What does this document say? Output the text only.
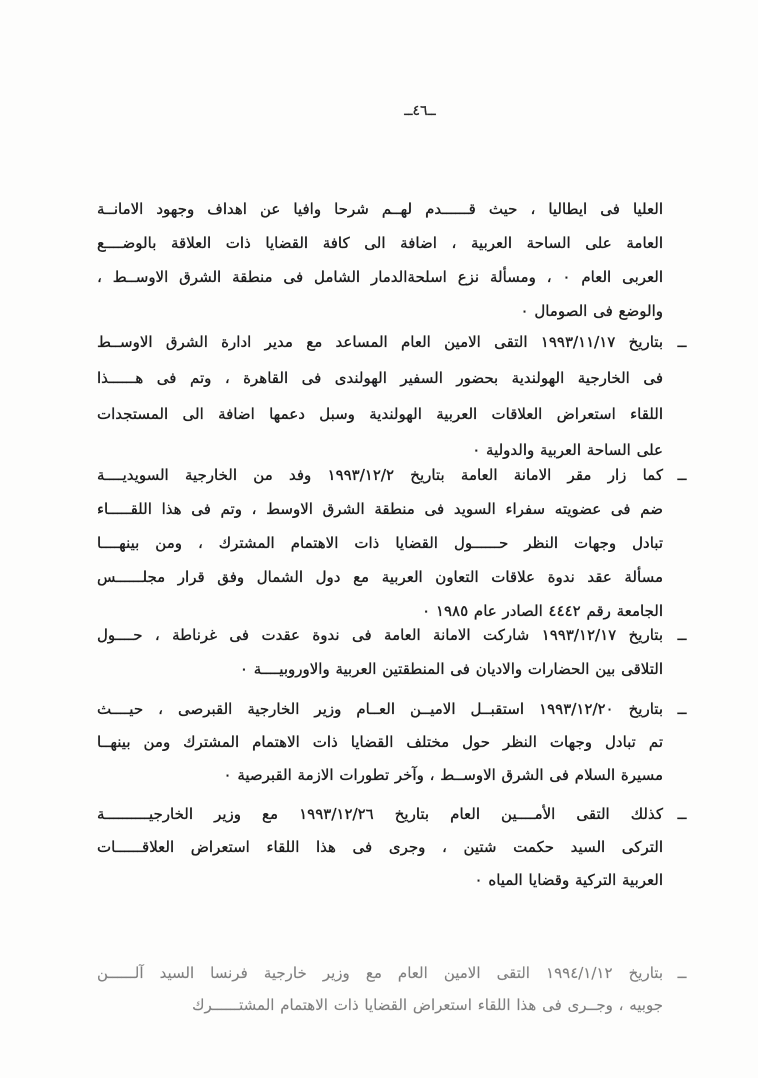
ــ٤٦ــ
العليا فى ايطاليا ، حيث قــــــدم لهــم شرحا وافيا عن اهداف وجهود الامانــة
العامة على الساحة العربية ، اضافة الى كافة القضايا ذات العلاقة بالوضــــع
العربى العام ٠ ، ومسألة نزع اسلحةالدمار الشامل فى منطقة الشرق الاوســط ،
والوضع فى الصومال ٠
ــ
بتاريخ ١٩٩٣/١١/١٧ التقى الامين العام المساعد مع مدير ادارة الشرق الاوســط
فى الخارجية الهولندية بحضور السفير الهولندى فى القاهرة ، وتم فى هــــــذا
اللقاء استعراض العلاقات العربية الهولندية وسبل دعمها اضافة الى المستجدات
على الساحة العربية والدولية ٠
ــ
كما زار مقر الامانة العامة بتاريخ ١٩٩٣/١٢/٢ وفد من الخارجية السويديــــة
ضم فى عضويته سفراء السويد فى منطقة الشرق الاوسط ، وتم فى هذا اللقـــــاء
تبادل وجهات النظر حــــــول القضايا ذات الاهتمام المشترك ، ومن بينهــــا
مسألة عقد ندوة علاقات التعاون العربية مع دول الشمال وفق قرار مجلــــــس
الجامعة رقم ٤٤٤٢ الصادر عام ١٩٨٥ ٠
ــ
بتاريخ ١٩٩٣/١٢/١٧ شاركت الامانة العامة فى ندوة عقدت فى غرناطة ، حــــول
التلاقى بين الحضارات والاديان فى المنطقتين العربية والاوروبيــــة ٠
ــ
بتاريخ ١٩٩٣/١٢/٢٠ استقبــل الاميــن العــام وزير الخارجية القبرصى ، حيــــث
تم تبادل وجهات النظر حول مختلف القضايا ذات الاهتمام المشترك ومن بينهــا
مسيرة السلام فى الشرق الاوســط ، وآخر تطورات الازمة القبرصية ٠
ــ
كذلك التقى الأمــــين العام بتاريخ ١٩٩٣/١٢/٢٦ مع وزير الخارجيــــــــــة
التركى السيد حكمت شتين ، وجرى فى هذا اللقاء استعراض العلاقــــــات
العربية التركية وقضايا المياه ٠
ــ
بتاريخ ١٩٩٤/١/١٢ التقى الامين العام مع وزير خارجية فرنسا السيد آلــــــن
جوبيه ، وجــرى فى هذا اللقاء استعراض القضايا ذات الاهتمام المشتــــــرك
